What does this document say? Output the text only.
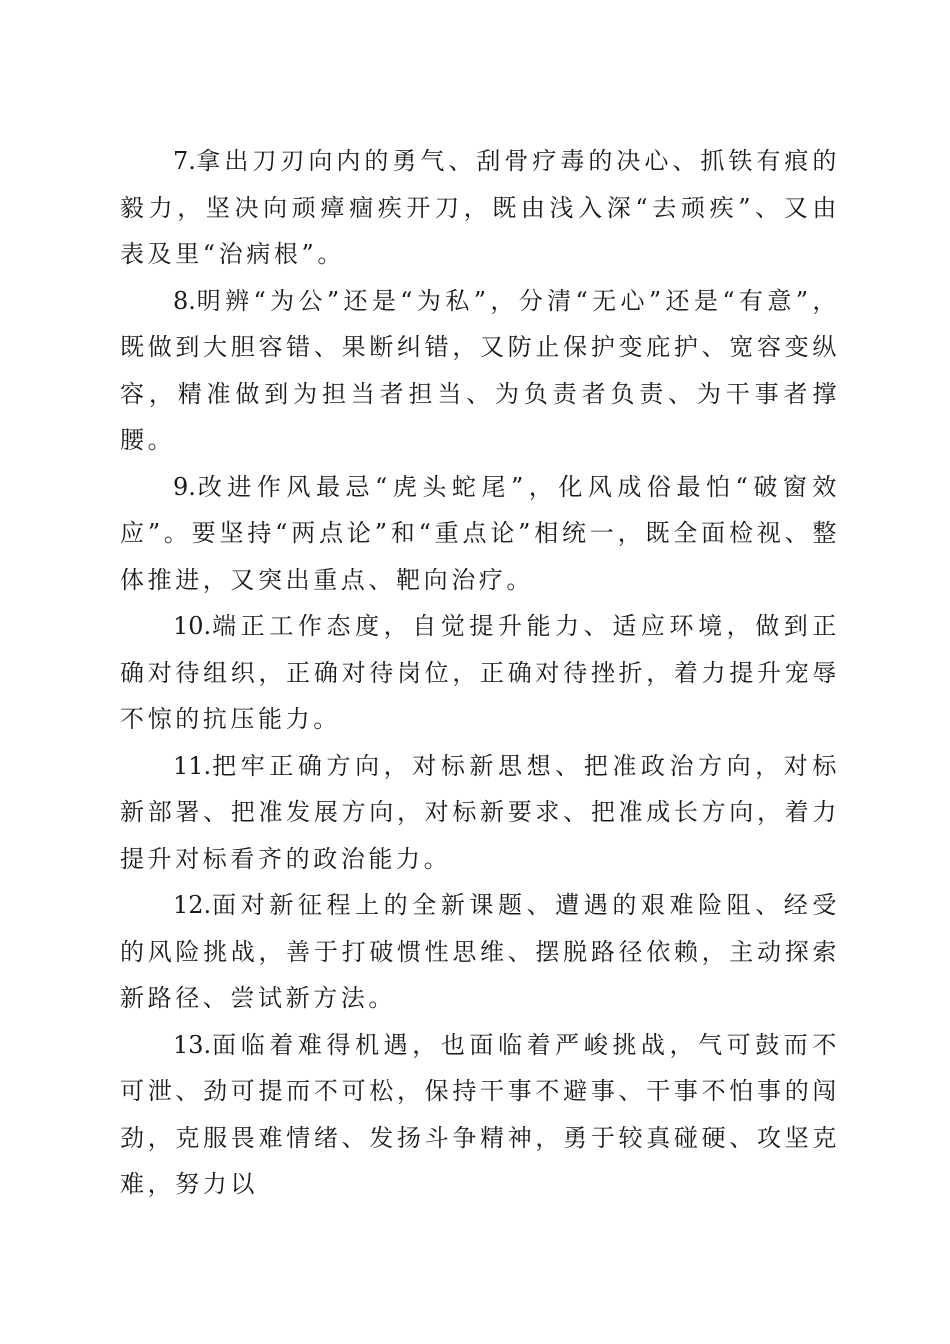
7.拿出刀刃向内的勇气、刮骨疗毒的决心、抓铁有痕的毅力，坚决向顽瘴痼疾开刀，既由浅入深“去顽疾”、又由表及里“治病根”。

8.明辨“为公”还是“为私”，分清“无心”还是“有意”，既做到大胆容错、果断纠错，又防止保护变庇护、宽容变纵容，精准做到为担当者担当、为负责者负责、为干事者撑腰。

9.改进作风最忌“虎头蛇尾”，化风成俗最怕“破窗效应”。要坚持“两点论”和“重点论”相统一，既全面检视、整体推进，又突出重点、靶向治疗。

10.端正工作态度，自觉提升能力、适应环境，做到正确对待组织，正确对待岗位，正确对待挫折，着力提升宠辱不惊的抗压能力。

11.把牢正确方向，对标新思想、把准政治方向，对标新部署、把准发展方向，对标新要求、把准成长方向，着力提升对标看齐的政治能力。

12.面对新征程上的全新课题、遭遇的艰难险阻、经受的风险挑战，善于打破惯性思维、摆脱路径依赖，主动探索新路径、尝试新方法。

13.面临着难得机遇，也面临着严峻挑战，气可鼓而不可泄、劲可提而不可松，保持干事不避事、干事不怕事的闯劲，克服畏难情绪、发扬斗争精神，勇于较真碰硬、攻坚克难，努力以
